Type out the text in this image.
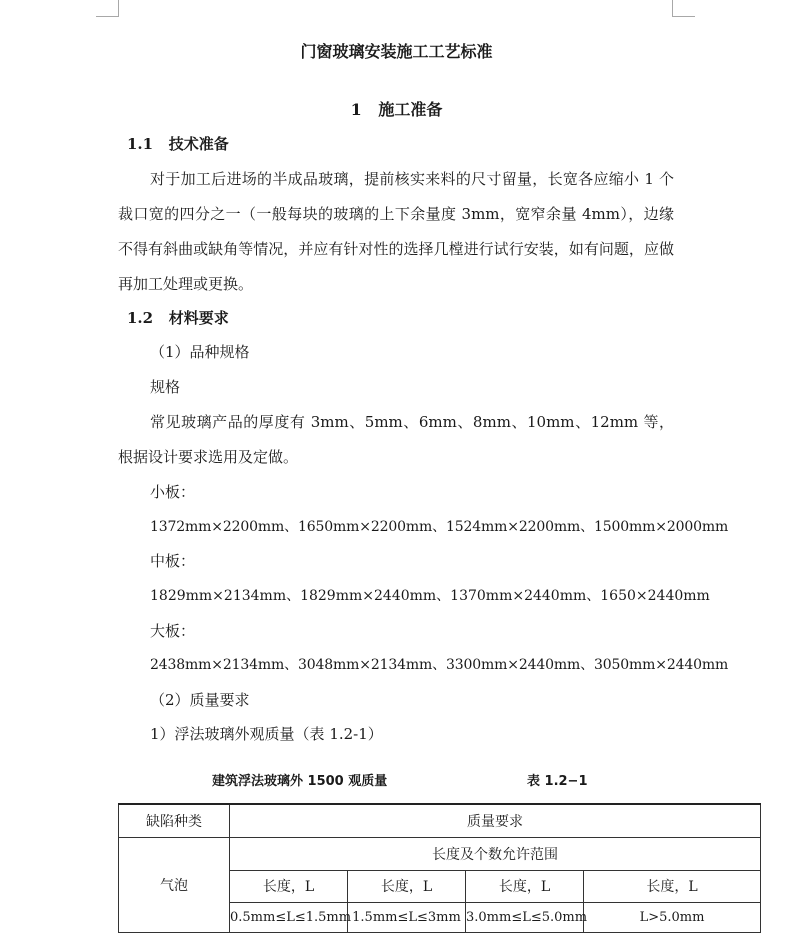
门窗玻璃安装施工工艺标准
1 施工准备
1.1 技术准备

对于加工后进场的半成品玻璃，提前核实来料的尺寸留量，长宽各应缩小 1 个裁口宽的四分之一（一般每块的玻璃的上下余量度 3mm，宽窄余量 4mm），边缘不得有斜曲或缺角等情况，并应有针对性的选择几樘进行试行安装，如有问题，应做再加工处理或更换。

1.2 材料要求
（1）品种规格
规格

常见玻璃产品的厚度有 3mm、5mm、6mm、8mm、10mm、12mm 等，根据设计要求选用及定做。

小板：
1372mm×2200mm、1650mm×2200mm、1524mm×2200mm、1500mm×2000mm
中板：
1829mm×2134mm、1829mm×2440mm、1370mm×2440mm、1650×2440mm
大板：
2438mm×2134mm、3048mm×2134mm、3300mm×2440mm、3050mm×2440mm
（2）质量要求
1）浮法玻璃外观质量（表 1.2-1）
建筑浮法玻璃外 1500 观质量	表 1.2−1
缺陷种类	质量要求			
气泡	长度及个数允许范围			
	长度，L	长度，L	长度，L	长度，L
	0.5mm≤L≤1.5mm	1.5mm≤L≤3mm	3.0mm≤L≤5.0mm	L>5.0mm
